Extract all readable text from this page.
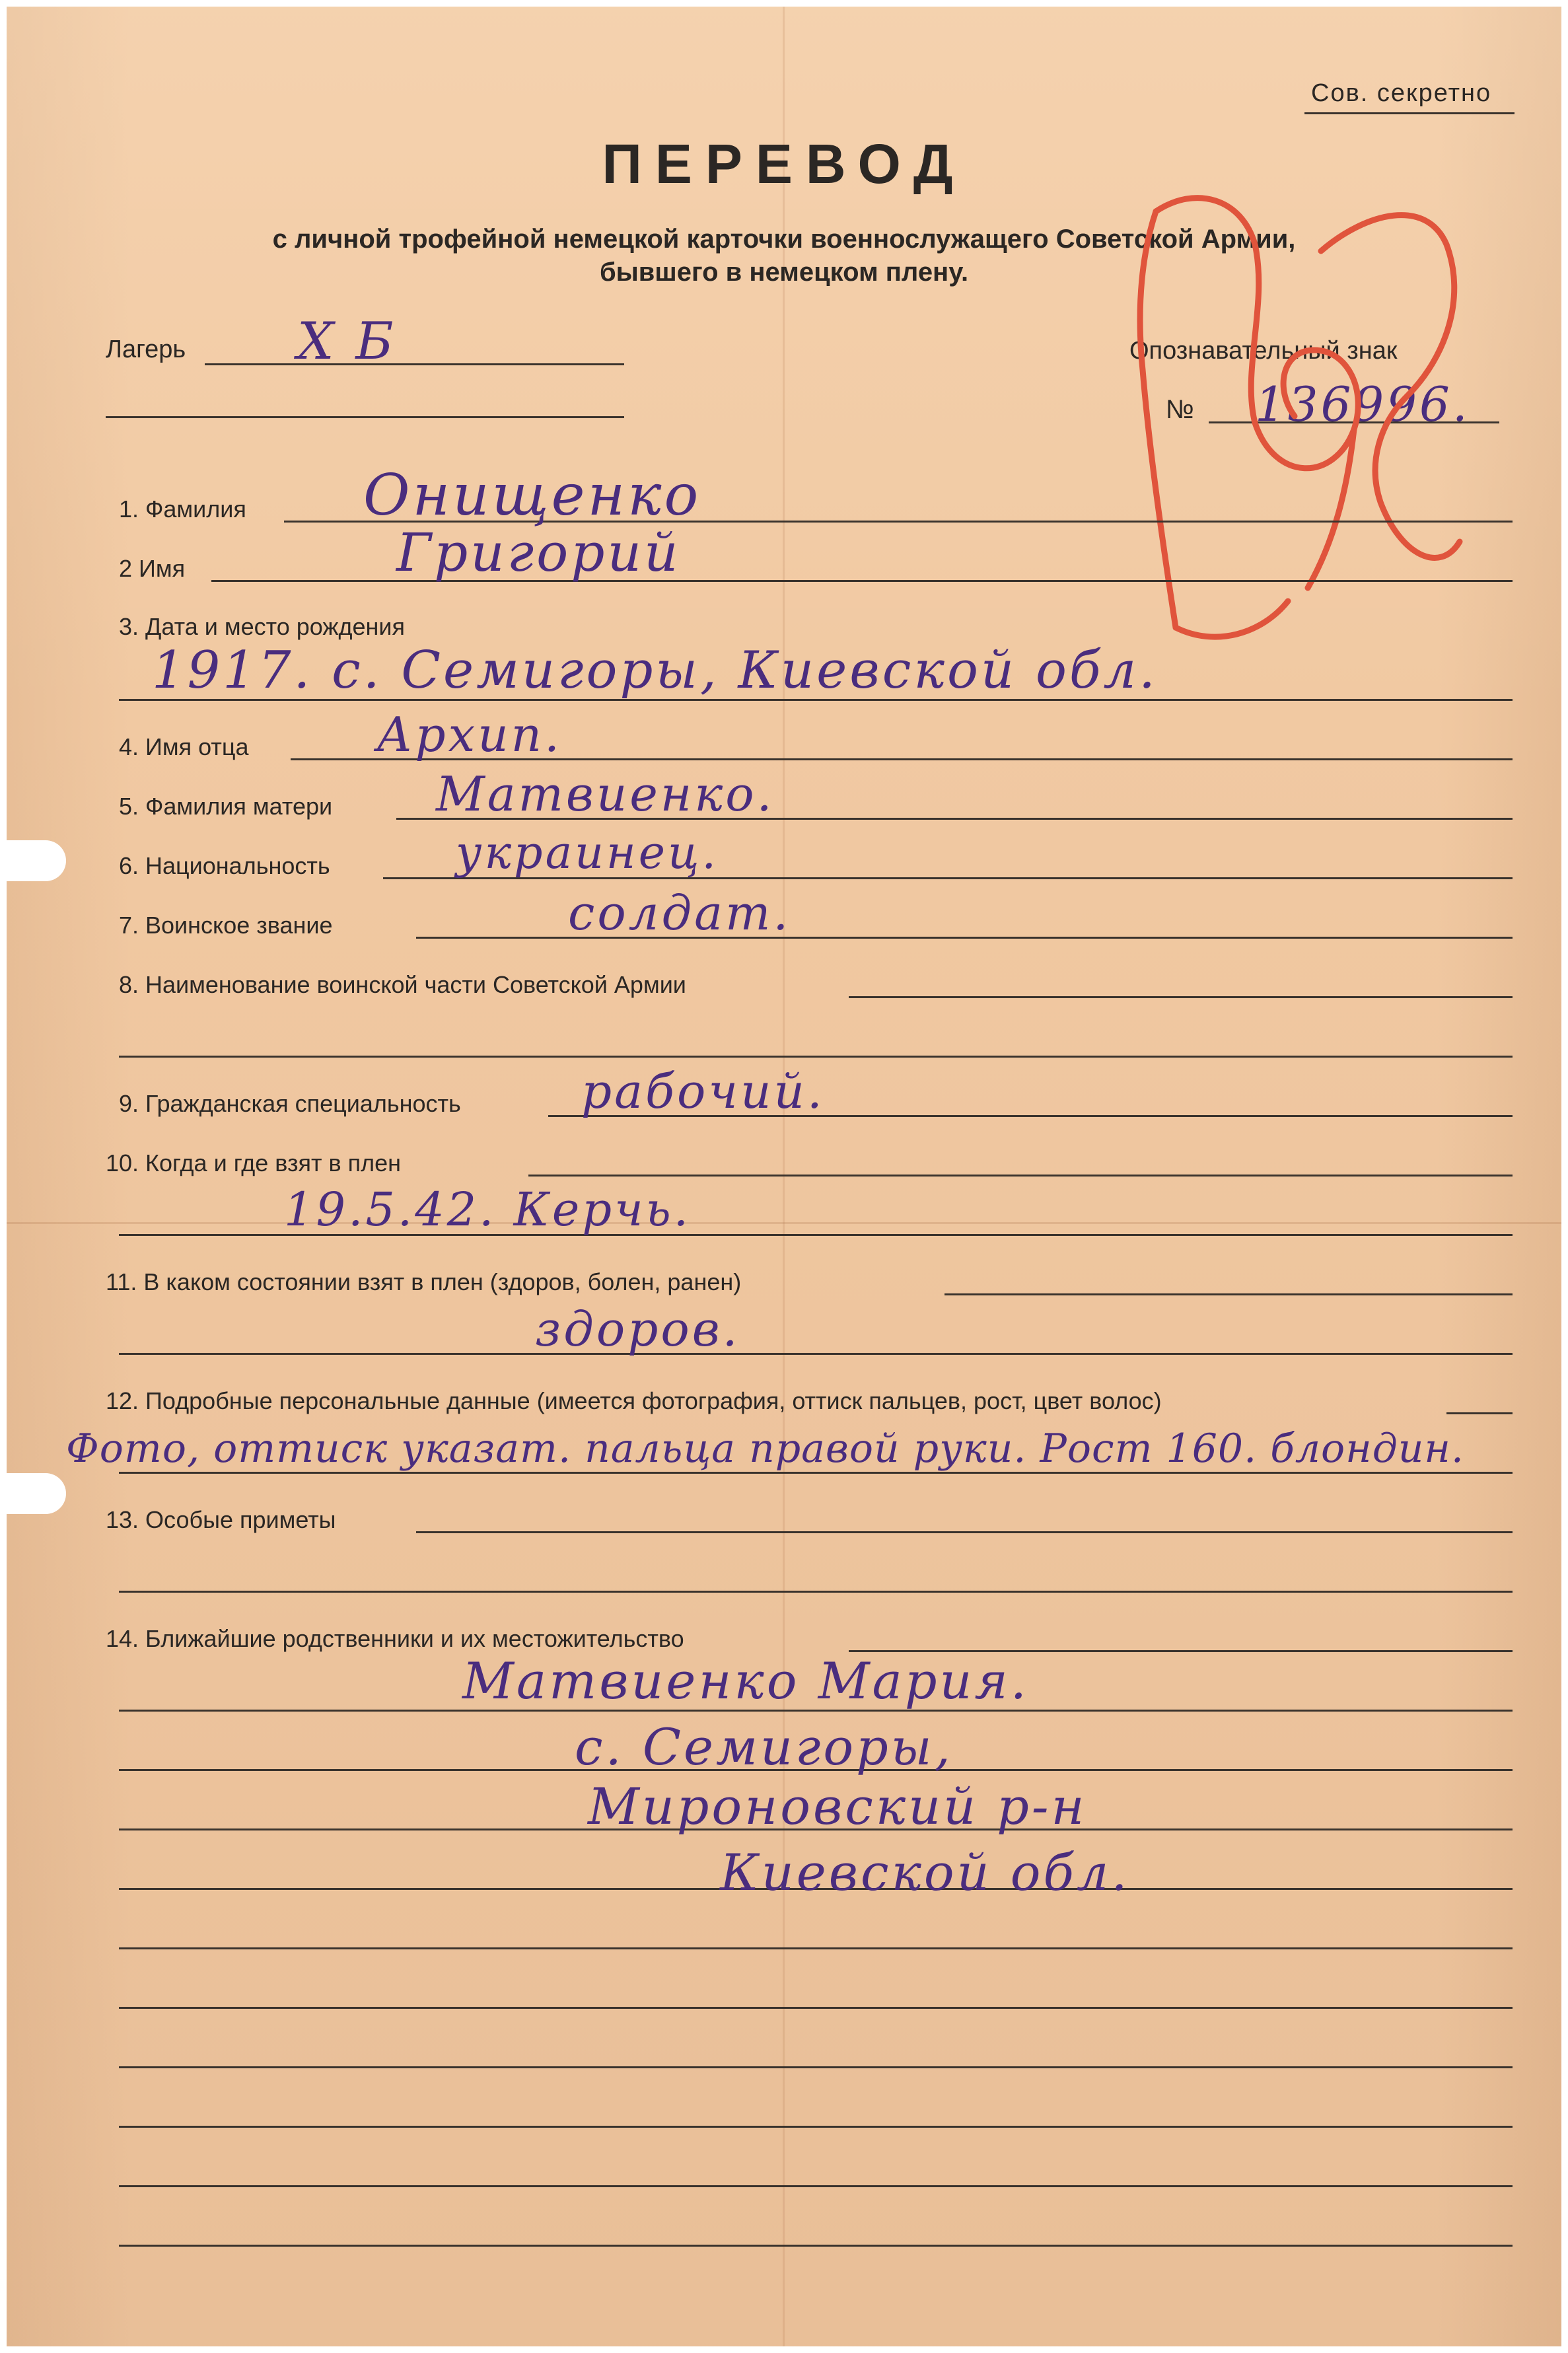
Сов. секретно
ПЕРЕВОД
с личной трофейной немецкой карточки военнослужащего Советской Армии,
бывшего в немецком плену.
Лагерь X Б	Опознавательный знак
№ 136996.
1. Фамилия Онищенко
2 Имя	Григорий
3. Дата и место рождения
1917. с. Семигоры, Киевской обл.
4. Имя отца	Архип.
5. Фамилия матери Матвиенко.
6. Национальность	украинец.
7. Воинское звание	солдат.
8. Наименование воинской части Советской Армии
9. Гражданская специальность	рабочий.
10. Когда и где взят в плен
19.5.42. Керчь.
11. В каком состоянии взят в плен (здоров, болен, ранен)
здоров.
12. Подробные персональные данные (имеется фотография, оттиск пальцев, рост, цвет волос)
Фото, оттиск указат. пальца правой руки. Рост 160. блондин.
13. Особые приметы
14. Ближайшие родственники и их местожительство
Матвиенко Мария.
с. Семигоры,
Мироновский р-н
Киевской обл.
